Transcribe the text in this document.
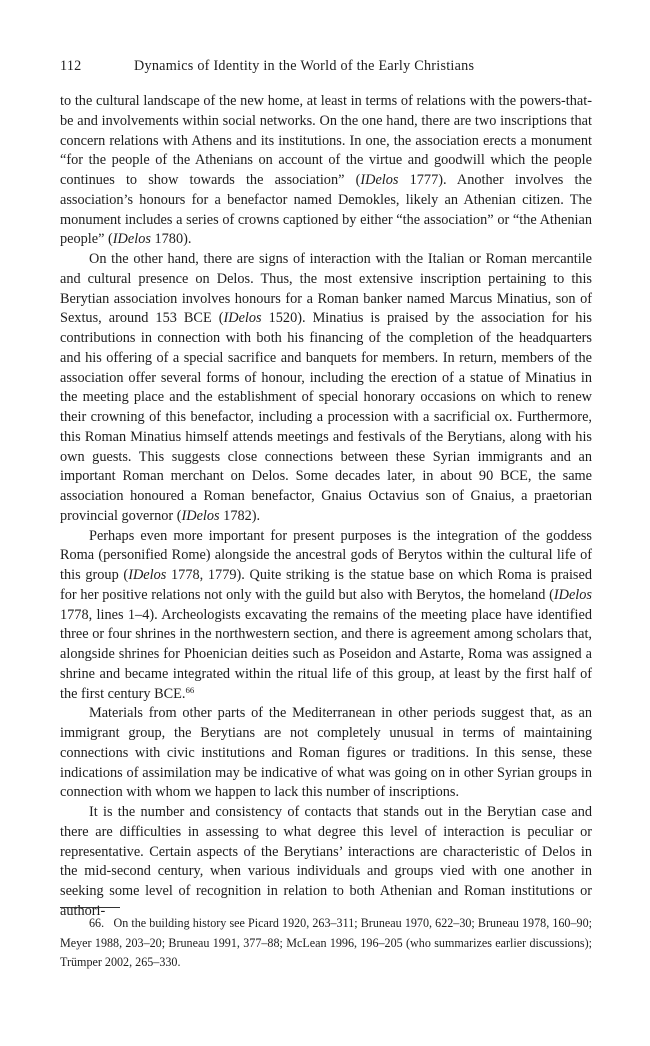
112	Dynamics of Identity in the World of the Early Christians

to the cultural landscape of the new home, at least in terms of relations with the powers-that-be and involvements within social networks. On the one hand, there are two inscriptions that concern relations with Athens and its institutions. In one, the association erects a monument “for the people of the Athenians on account of the virtue and goodwill which the people continues to show towards the association” (IDelos 1777). Another involves the association’s honours for a benefactor named Demokles, likely an Athenian citizen. The monument includes a series of crowns captioned by either “the association” or “the Athenian people” (IDelos 1780).

On the other hand, there are signs of interaction with the Italian or Roman mercantile and cultural presence on Delos. Thus, the most extensive inscription pertaining to this Berytian association involves honours for a Roman banker named Marcus Minatius, son of Sextus, around 153 BCE (IDelos 1520). Minatius is praised by the association for his contributions in connection with both his financing of the completion of the headquarters and his offering of a special sacrifice and banquets for members. In return, members of the association offer several forms of honour, including the erection of a statue of Minatius in the meeting place and the establishment of special honorary occasions on which to renew their crowning of this benefactor, including a procession with a sacrificial ox. Furthermore, this Roman Minatius himself attends meetings and festivals of the Berytians, along with his own guests. This suggests close connections between these Syrian immigrants and an important Roman merchant on Delos. Some decades later, in about 90 BCE, the same association honoured a Roman benefactor, Gnaius Octavius son of Gnaius, a praetorian provincial governor (IDelos 1782).

Perhaps even more important for present purposes is the integration of the goddess Roma (personified Rome) alongside the ancestral gods of Berytos within the cultural life of this group (IDelos 1778, 1779). Quite striking is the statue base on which Roma is praised for her positive relations not only with the guild but also with Berytos, the homeland (IDelos 1778, lines 1–4). Archeologists excavating the remains of the meeting place have identified three or four shrines in the northwestern section, and there is agreement among scholars that, alongside shrines for Phoenician deities such as Poseidon and Astarte, Roma was assigned a shrine and became integrated within the ritual life of this group, at least by the first half of the first century BCE.$^{66}$

Materials from other parts of the Mediterranean in other periods suggest that, as an immigrant group, the Berytians are not completely unusual in terms of maintaining connections with civic institutions and Roman figures or traditions. In this sense, these indications of assimilation may be indicative of what was going on in other Syrian groups in connection with whom we happen to lack this number of inscriptions.

It is the number and consistency of contacts that stands out in the Berytian case and there are difficulties in assessing to what degree this level of interaction is peculiar or representative. Certain aspects of the Berytians’ interactions are characteristic of Delos in the mid-second century, when various individuals and groups vied with one another in seeking some level of recognition in relation to both Athenian and Roman institutions or authori-

66. On the building history see Picard 1920, 263–311; Bruneau 1970, 622–30; Bruneau 1978, 160–90; Meyer 1988, 203–20; Bruneau 1991, 377–88; McLean 1996, 196–205 (who summarizes earlier discussions); Trümper 2002, 265–330.
